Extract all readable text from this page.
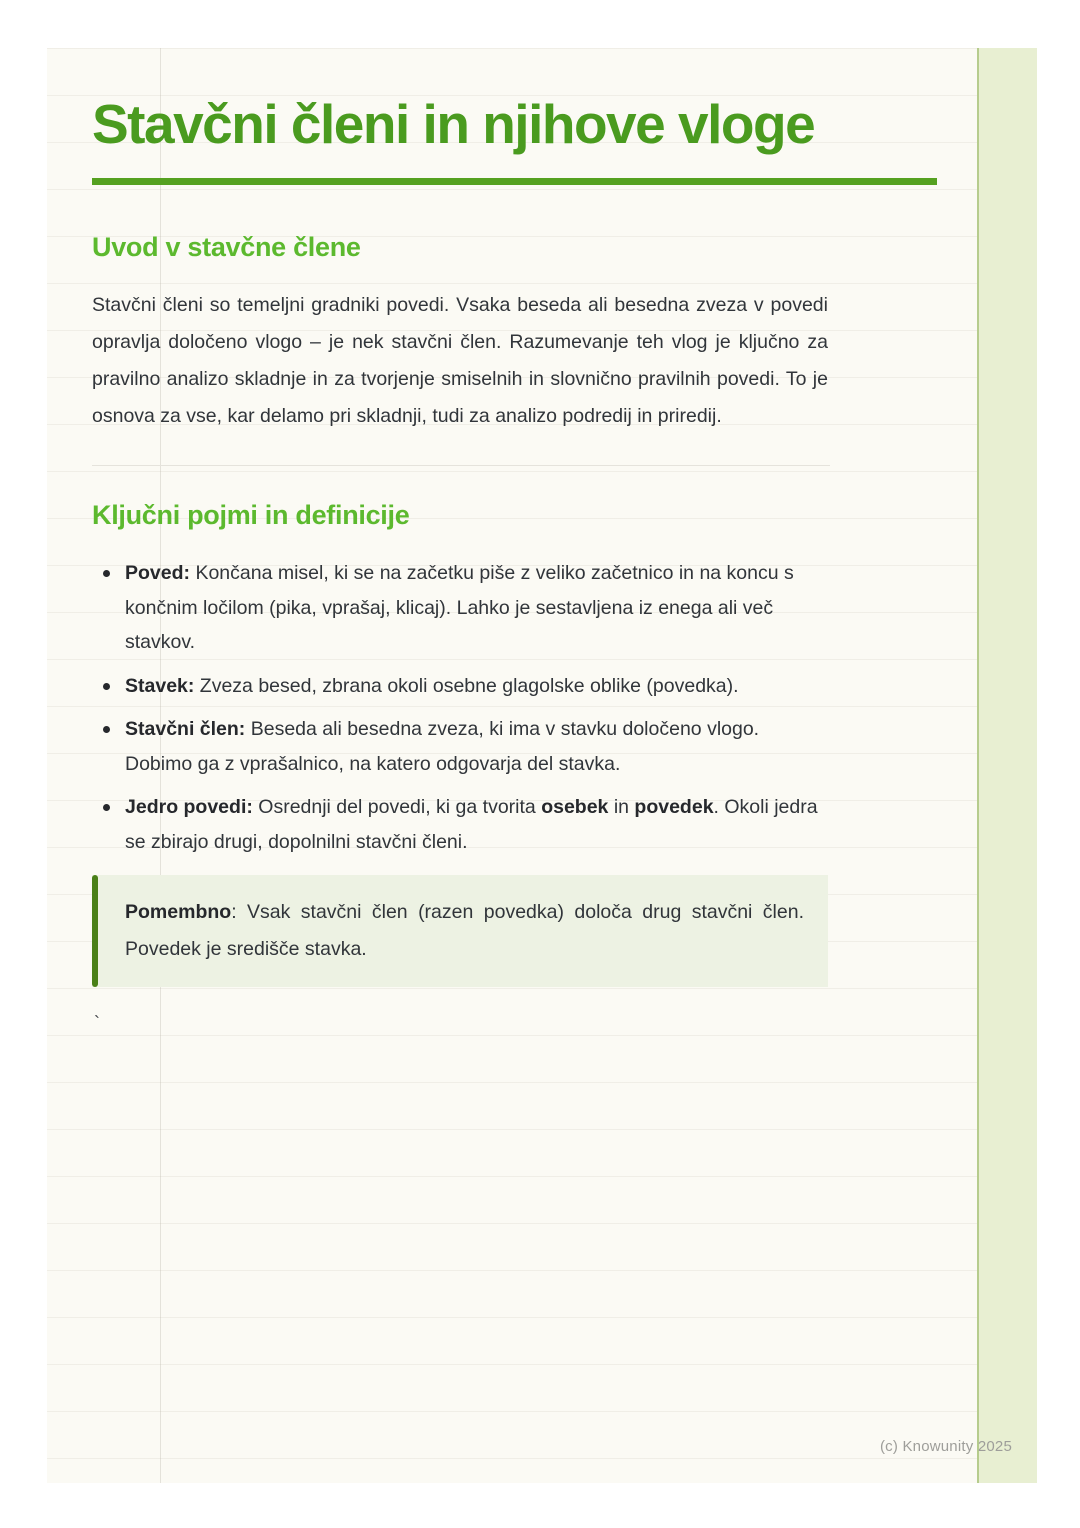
Stavčni členi in njihove vloge
Uvod v stavčne člene

Stavčni členi so temeljni gradniki povedi. Vsaka beseda ali besedna zveza v povedi opravlja določeno vlogo – je nek stavčni člen. Razumevanje teh vlog je ključno za pravilno analizo skladnje in za tvorjenje smiselnih in slovnično pravilnih povedi. To je osnova za vse, kar delamo pri skladnji, tudi za analizo podredij in priredij.

Ključni pojmi in definicije
Poved: Končana misel, ki se na začetku piše z veliko začetnico in na koncu s končnim ločilom (pika, vprašaj, klicaj). Lahko je sestavljena iz enega ali več stavkov.
Stavek: Zveza besed, zbrana okoli osebne glagolske oblike (povedka).
Stavčni člen: Beseda ali besedna zveza, ki ima v stavku določeno vlogo. Dobimo ga z vprašalnico, na katero odgovarja del stavka.
Jedro povedi: Osrednji del povedi, ki ga tvorita osebek in povedek. Okoli jedra se zbirajo drugi, dopolnilni stavčni členi.

Pomembno: Vsak stavčni člen (razen povedka) določa drug stavčni člen. Povedek je središče stavka.

`
(c) Knowunity 2025
